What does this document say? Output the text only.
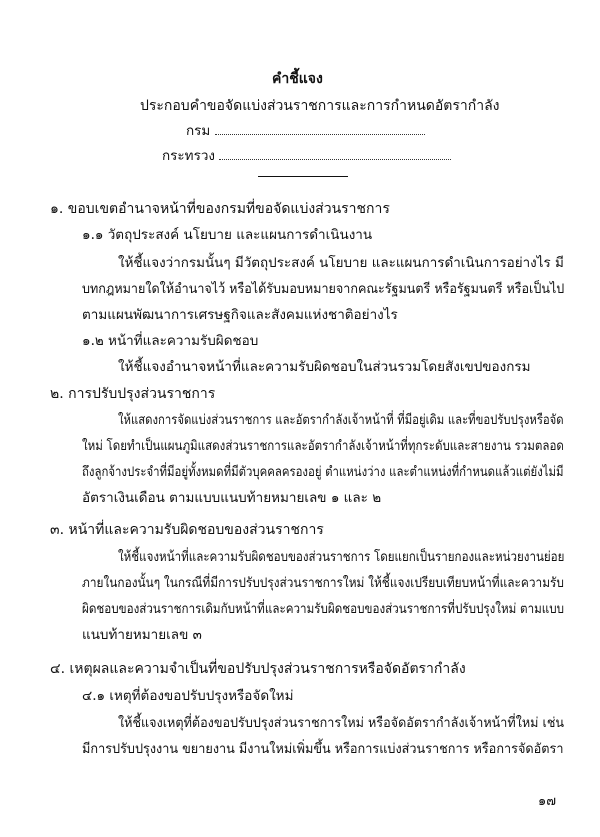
คำชี้แจง
ประกอบคำขอจัดแบ่งส่วนราชการและการกำหนดอัตรากำลัง
กรม
กระทรวง
๑. ขอบเขตอำนาจหน้าที่ของกรมที่ขอจัดแบ่งส่วนราชการ
๑.๑ วัตถุประสงค์ นโยบาย และแผนการดำเนินงาน
ให้ชี้แจงว่ากรมนั้นๆ มีวัตถุประสงค์ นโยบาย และแผนการดำเนินการอย่างไร มี
บทกฎหมายใดให้อำนาจไว้ หรือได้รับมอบหมายจากคณะรัฐมนตรี หรือรัฐมนตรี หรือเป็นไป
ตามแผนพัฒนาการเศรษฐกิจและสังคมแห่งชาติอย่างไร
๑.๒ หน้าที่และความรับผิดชอบ
ให้ชี้แจงอำนาจหน้าที่และความรับผิดชอบในส่วนรวมโดยสังเขปของกรม
๒. การปรับปรุงส่วนราชการ
ให้แสดงการจัดแบ่งส่วนราชการ และอัตรากำลังเจ้าหน้าที่ ที่มีอยู่เดิม และที่ขอปรับปรุงหรือจัด
ใหม่ โดยทำเป็นแผนภูมิแสดงส่วนราชการและอัตรากำลังเจ้าหน้าที่ทุกระดับและสายงาน รวมตลอด
ถึงลูกจ้างประจำที่มีอยู่ทั้งหมดที่มีตัวบุคคลครองอยู่ ตำแหน่งว่าง และตำแหน่งที่กำหนดแล้วแต่ยังไม่มี
อัตราเงินเดือน ตามแบบแนบท้ายหมายเลข ๑ และ ๒
๓. หน้าที่และความรับผิดชอบของส่วนราชการ
ให้ชี้แจงหน้าที่และความรับผิดชอบของส่วนราชการ โดยแยกเป็นรายกองและหน่วยงานย่อย
ภายในกองนั้นๆ ในกรณีที่มีการปรับปรุงส่วนราชการใหม่ ให้ชี้แจงเปรียบเทียบหน้าที่และความรับ
ผิดชอบของส่วนราชการเดิมกับหน้าที่และความรับผิดชอบของส่วนราชการที่ปรับปรุงใหม่ ตามแบบ
แนบท้ายหมายเลข ๓
๔. เหตุผลและความจำเป็นที่ขอปรับปรุงส่วนราชการหรือจัดอัตรากำลัง
๔.๑ เหตุที่ต้องขอปรับปรุงหรือจัดใหม่
ให้ชี้แจงเหตุที่ต้องขอปรับปรุงส่วนราชการใหม่ หรือจัดอัตรากำลังเจ้าหน้าที่ใหม่ เช่น
มีการปรับปรุงงาน ขยายงาน มีงานใหม่เพิ่มขึ้น หรือการแบ่งส่วนราชการ หรือการจัดอัตรา
๑๗
